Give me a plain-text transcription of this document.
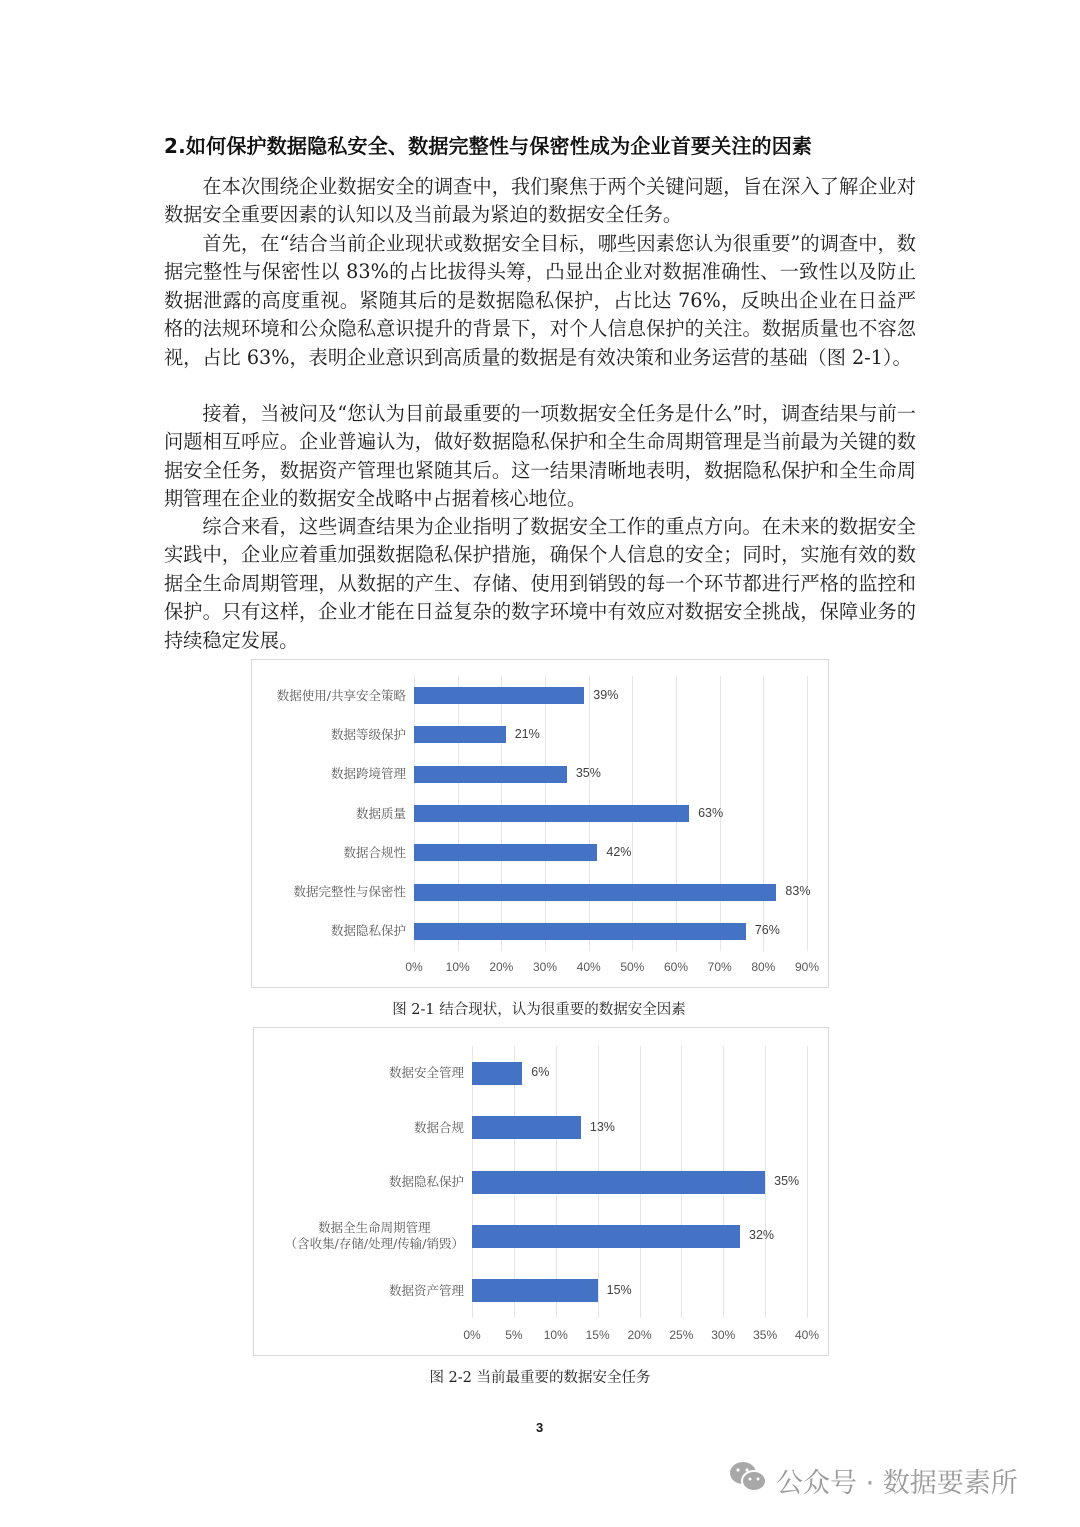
2.如何保护数据隐私安全、数据完整性与保密性成为企业首要关注的因素
在本次围绕企业数据安全的调查中，我们聚焦于两个关键问题，旨在深入了解企业对数据安全重要因素的认知以及当前最为紧迫的数据安全任务。
首先，在“结合当前企业现状或数据安全目标，哪些因素您认为很重要”的调查中，数据完整性与保密性以 83%的占比拔得头筹，凸显出企业对数据准确性、一致性以及防止数据泄露的高度重视。紧随其后的是数据隐私保护，占比达 76%，反映出企业在日益严格的法规环境和公众隐私意识提升的背景下，对个人信息保护的关注。数据质量也不容忽视，占比 63%，表明企业意识到高质量的数据是有效决策和业务运营的基础（图 2-1）。
接着，当被问及“您认为目前最重要的一项数据安全任务是什么”时，调查结果与前一问题相互呼应。企业普遍认为，做好数据隐私保护和全生命周期管理是当前最为关键的数据安全任务，数据资产管理也紧随其后。这一结果清晰地表明，数据隐私保护和全生命周期管理在企业的数据安全战略中占据着核心地位。
综合来看，这些调查结果为企业指明了数据安全工作的重点方向。在未来的数据安全实践中，企业应着重加强数据隐私保护措施，确保个人信息的安全；同时，实施有效的数据全生命周期管理，从数据的产生、存储、使用到销毁的每一个环节都进行严格的监控和保护。只有这样，企业才能在日益复杂的数字环境中有效应对数据安全挑战，保障业务的持续稳定发展。
0% 10% 20% 30% 40% 50% 60% 70% 80% 90%
39%
数据使用/共享安全策略
21%
数据等级保护
35%
数据跨境管理
63%
数据质量
42%
数据合规性
83%
数据完整性与保密性
76%
数据隐私保护
图 2-1 结合现状，认为很重要的数据安全因素
0% 5% 10% 15% 20% 25% 30% 35% 40%
6%
数据安全管理
13%
数据合规
35%
数据隐私保护
32%
数据全生命周期管理
（含收集/存储/处理/传输/销毁）
15%
数据资产管理
图 2-2 当前最重要的数据安全任务
3
公众号 · 数据要素所
